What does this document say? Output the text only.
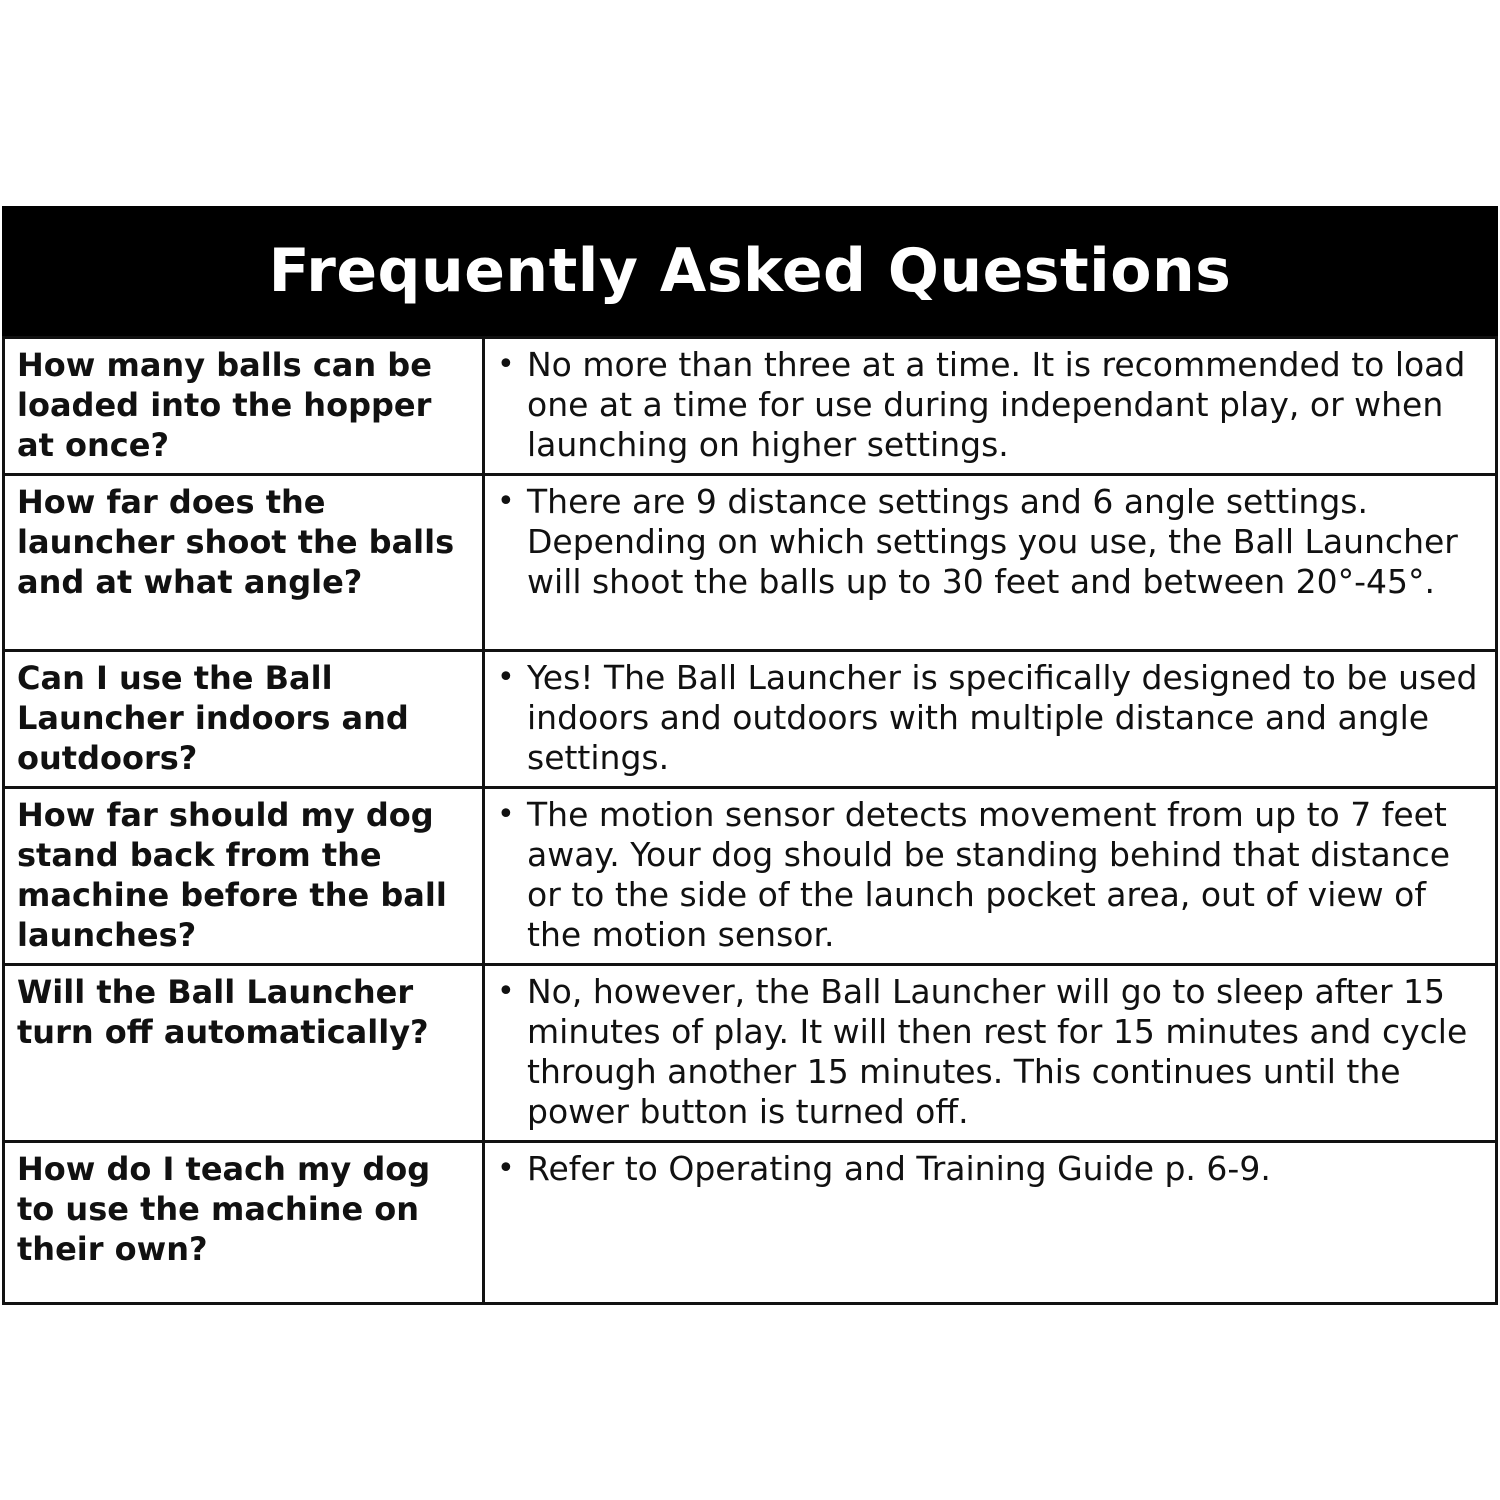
Frequently Asked Questions
How many balls can be loaded into the hopper at once?	• No more than three at a time. It is recommended to load one at a time for use during independant play, or when launching on higher settings.

How far does the launcher shoot the balls and at what angle?	• There are 9 distance settings and 6 angle settings. Depending on which settings you use, the Ball Launcher will shoot the balls up to 30 feet and between 20°-45°.

Can I use the Ball Launcher indoors and outdoors?	• Yes! The Ball Launcher is specifically designed to be used indoors and outdoors with multiple distance and angle settings.

How far should my dog stand back from the machine before the ball launches?	• The motion sensor detects movement from up to 7 feet away. Your dog should be standing behind that distance or to the side of the launch pocket area, out of view of the motion sensor.

Will the Ball Launcher turn off automatically?	• No, however, the Ball Launcher will go to sleep after 15 minutes of play. It will then rest for 15 minutes and cycle through another 15 minutes. This continues until the power button is turned off.

How do I teach my dog to use the machine on their own?	• Refer to Operating and Training Guide p. 6-9.
